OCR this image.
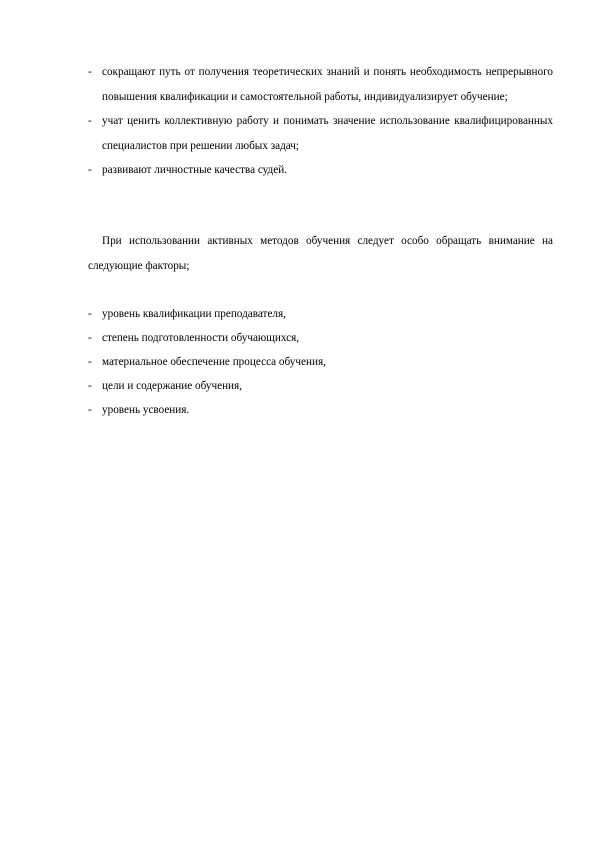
- сокращают путь от получения теоретических знаний и понять необходимость непрерывного повышения квалификации и самостоятельной работы, индивидуализирует обучение;
- учат ценить коллективную работу и понимать значение использование квалифицированных специалистов при решении любых задач;
- развивают личностные качества судей.

При использовании активных методов обучения следует особо обращать внимание на следующие факторы;

- уровень квалификации преподавателя,
- степень подготовленности обучающихся,
- материальное обеспечение процесса обучения,
- цели и содержание обучения,
- уровень усвоения.
